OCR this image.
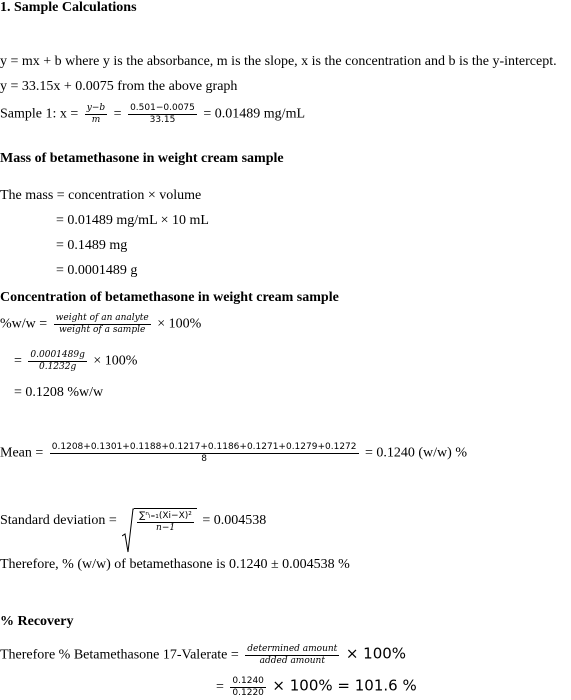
1. Sample Calculations
y = mx + b where y is the absorbance, m is the slope, x is the concentration and b is the y-intercept.
y = 33.15x + 0.0075 from the above graph
Sample 1: $x = \frac{y-b}{m} = \frac{0.501-0.0075}{33.15} = 0.01489$ mg/mL
Mass of betamethasone in weight cream sample
The mass = concentration × volume
= 0.01489 mg/mL × 10 mL
= 0.1489 mg
= 0.0001489 g
Concentration of betamethasone in weight cream sample
$\%w/w = \frac{\text{weight of an analyte}}{\text{weight of a sample}} \times 100\%$
= $\frac{0.0001489g}{0.1232g} \times 100\%$
= 0.1208 %w/w
Mean = $\frac{0.1208+0.1301+0.1188+0.1217+0.1186+0.1271+0.1279+0.1272}{8} = 0.1240$ (w/w) %
Standard deviation = $\frac{\text{∑ⁿᵢ₌₁(Xi−X)²}}{n-1} = 0.004538$
Therefore, % (w/w) of betamethasone is 0.1240 ± 0.004538 %
% Recovery
Therefore % Betamethasone 17-Valerate = $\frac{\text{determined amount}}{\text{added amount}} \times 100\%$
= $\frac{0.1240}{0.1220} \times 100\% = 101.6$ %
